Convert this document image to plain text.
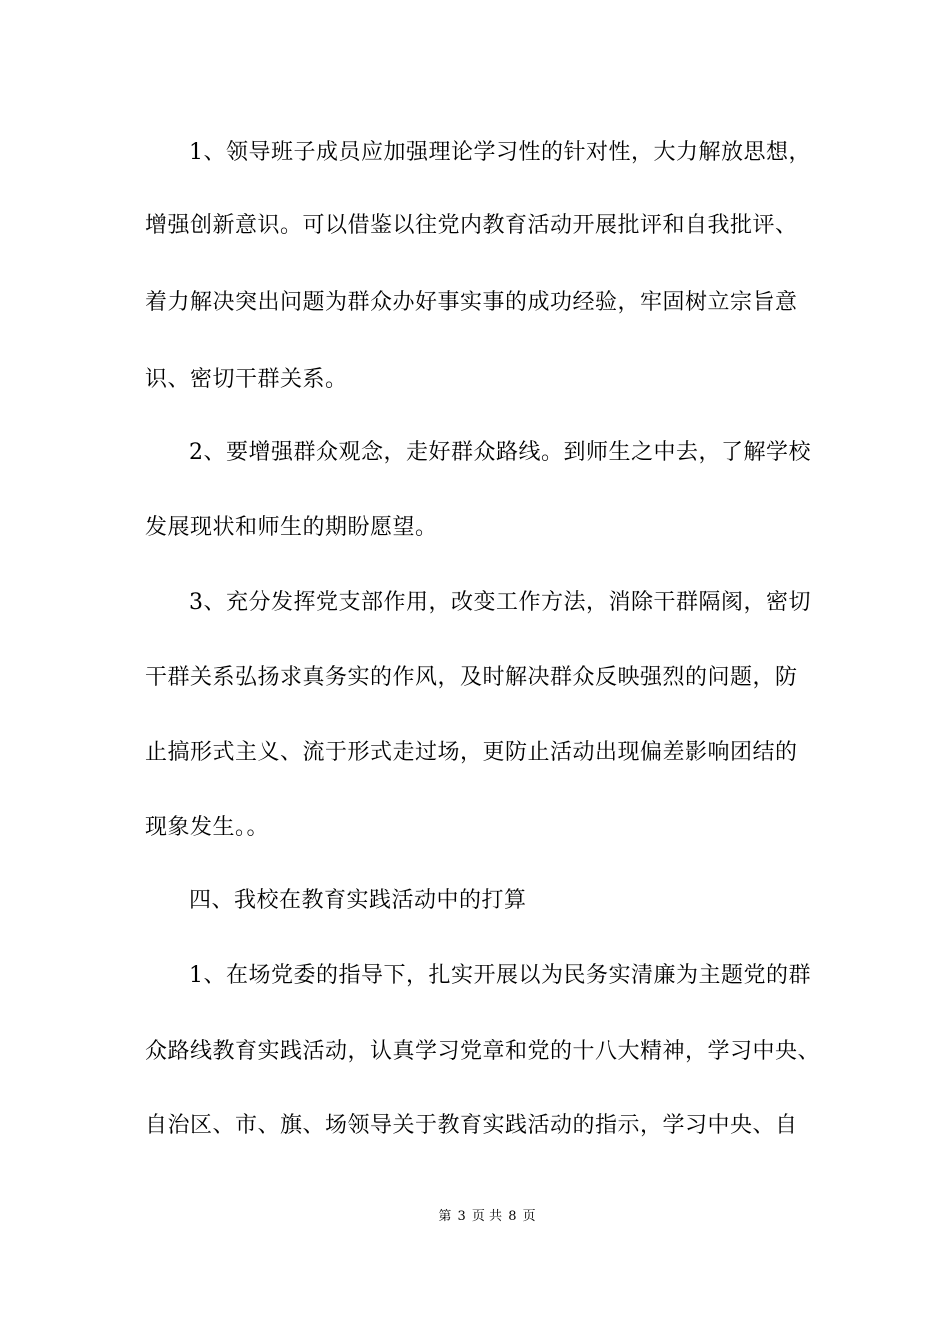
1、领导班子成员应加强理论学习性的针对性，大力解放思想，
增强创新意识。可以借鉴以往党内教育活动开展批评和自我批评、
着力解决突出问题为群众办好事实事的成功经验，牢固树立宗旨意
识、密切干群关系。
2、要增强群众观念，走好群众路线。到师生之中去，了解学校
发展现状和师生的期盼愿望。
3、充分发挥党支部作用，改变工作方法，消除干群隔阂，密切
干群关系弘扬求真务实的作风，及时解决群众反映强烈的问题，防
止搞形式主义、流于形式走过场，更防止活动出现偏差影响团结的
现象发生。。
四、我校在教育实践活动中的打算
1、在场党委的指导下，扎实开展以为民务实清廉为主题党的群
众路线教育实践活动，认真学习党章和党的十八大精神，学习中央、
自治区、市、旗、场领导关于教育实践活动的指示，学习中央、自
第 3 页 共 8 页
